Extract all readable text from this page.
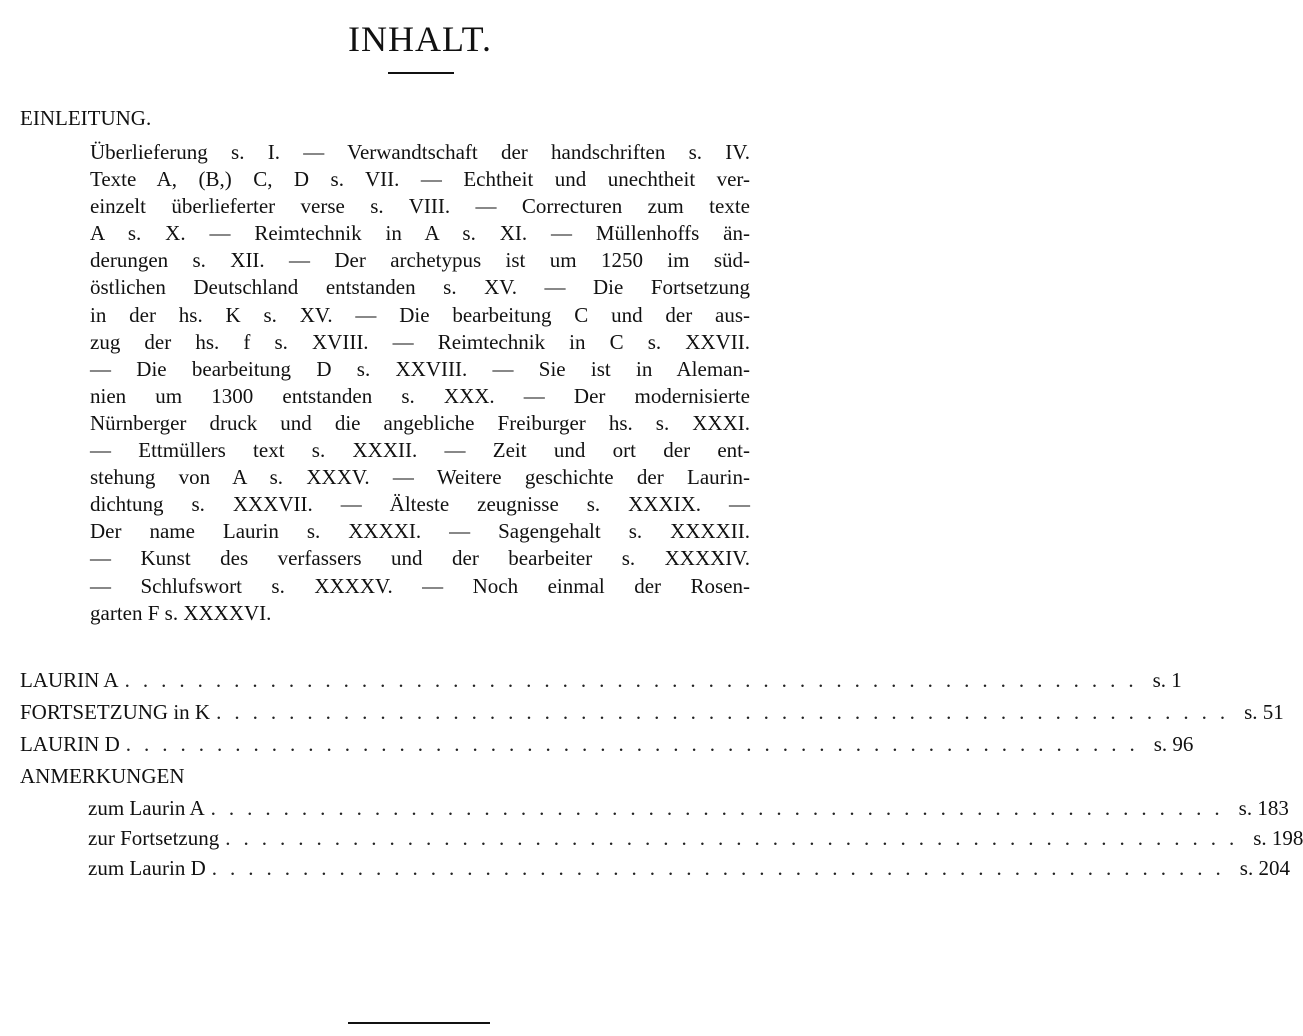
INHALT.
EINLEITUNG.
Überlieferung s. I. — Verwandtschaft der handschriften s. IV.
Texte A, (B,) C, D s. VII. — Echtheit und unechtheit ver-
einzelt überlieferter verse s. VIII. — Correcturen zum texte
A s. X. — Reimtechnik in A s. XI. — Müllenhoffs än-
derungen s. XII. — Der archetypus ist um 1250 im süd-
östlichen Deutschland entstanden s. XV. — Die Fortsetzung
in der hs. K s. XV. — Die bearbeitung C und der aus-
zug der hs. f s. XVIII. — Reimtechnik in C s. XXVII.
— Die bearbeitung D s. XXVIII. — Sie ist in Aleman-
nien um 1300 entstanden s. XXX. — Der modernisierte
Nürnberger druck und die angebliche Freiburger hs. s. XXXI.
— Ettmüllers text s. XXXII. — Zeit und ort der ent-
stehung von A s. XXXV. — Weitere geschichte der Laurin-
dichtung s. XXXVII. — Älteste zeugnisse s. XXXIX. —
Der name Laurin s. XXXXI. — Sagengehalt s. XXXXII.
— Kunst des verfassers und der bearbeiter s. XXXXIV.
— Schlufswort s. XXXXV. — Noch einmal der Rosen-
garten F s. XXXXVI.
LAURIN A ........................................................ s. 1
FORTSETZUNG in K ........................................................ s. 51
LAURIN D ........................................................ s. 96
ANMERKUNGEN
zum Laurin A ........................................................ s. 183
zur Fortsetzung ........................................................ s. 198
zum Laurin D ........................................................ s. 204
